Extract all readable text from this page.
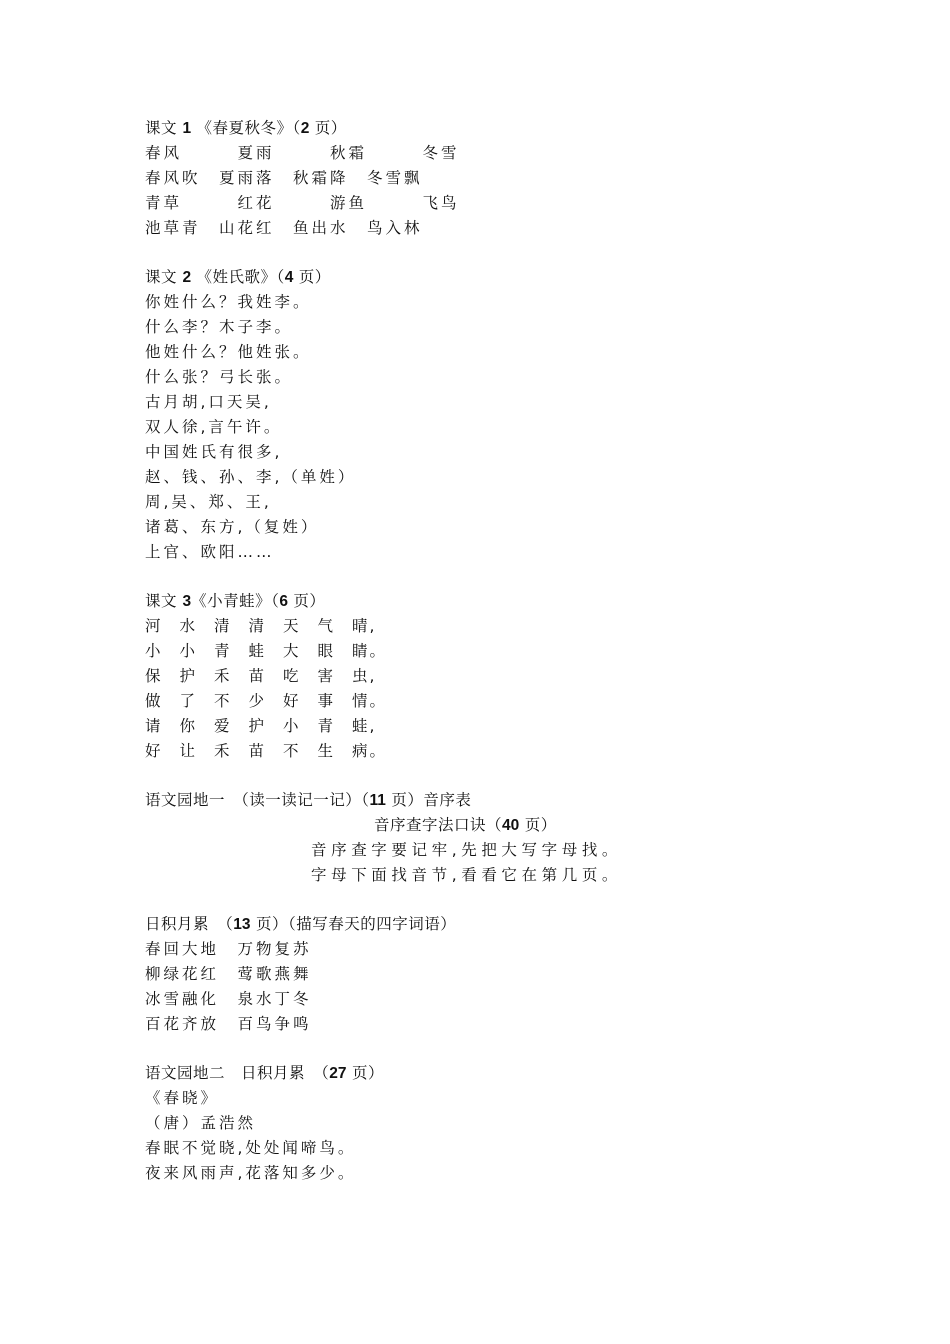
课文 1 《春夏秋冬》（2 页）
春风　　　夏雨　　　秋霜　　　冬雪
春风吹　夏雨落　秋霜降　冬雪飘
青草　　　红花　　　游鱼　　　飞鸟
池草青　山花红　鱼出水　鸟入林
课文 2 《姓氏歌》（4 页）
你姓什么？我姓李。
什么李？木子李。
他姓什么？他姓张。
什么张？弓长张。
古月胡,口天吴,
双人徐,言午许。
中国姓氏有很多,
赵、钱、孙、李,（单姓）
周,吴、郑、王,
诸葛、东方,（复姓）
上官、欧阳……
课文 3《小青蛙》（6 页）
河 水 清 清 天 气 晴,
小 小 青 蛙 大 眼 睛。
保 护 禾 苗 吃 害 虫,
做 了 不 少 好 事 情。
请 你 爱 护 小 青 蛙,
好 让 禾 苗 不 生 病。
语文园地一　（读一读记一记）（11 页）音序表
音序查字法口诀（40 页）
音序查字要记牢,先把大写字母找。
字母下面找音节,看看它在第几页。
日积月累　（13 页）（描写春天的四字词语）
春回大地　万物复苏
柳绿花红　莺歌燕舞
冰雪融化　泉水丁冬
百花齐放　百鸟争鸣
语文园地二　日积月累　（27 页）
《春晓》
（唐）孟浩然
春眠不觉晓,处处闻啼鸟。
夜来风雨声,花落知多少。
